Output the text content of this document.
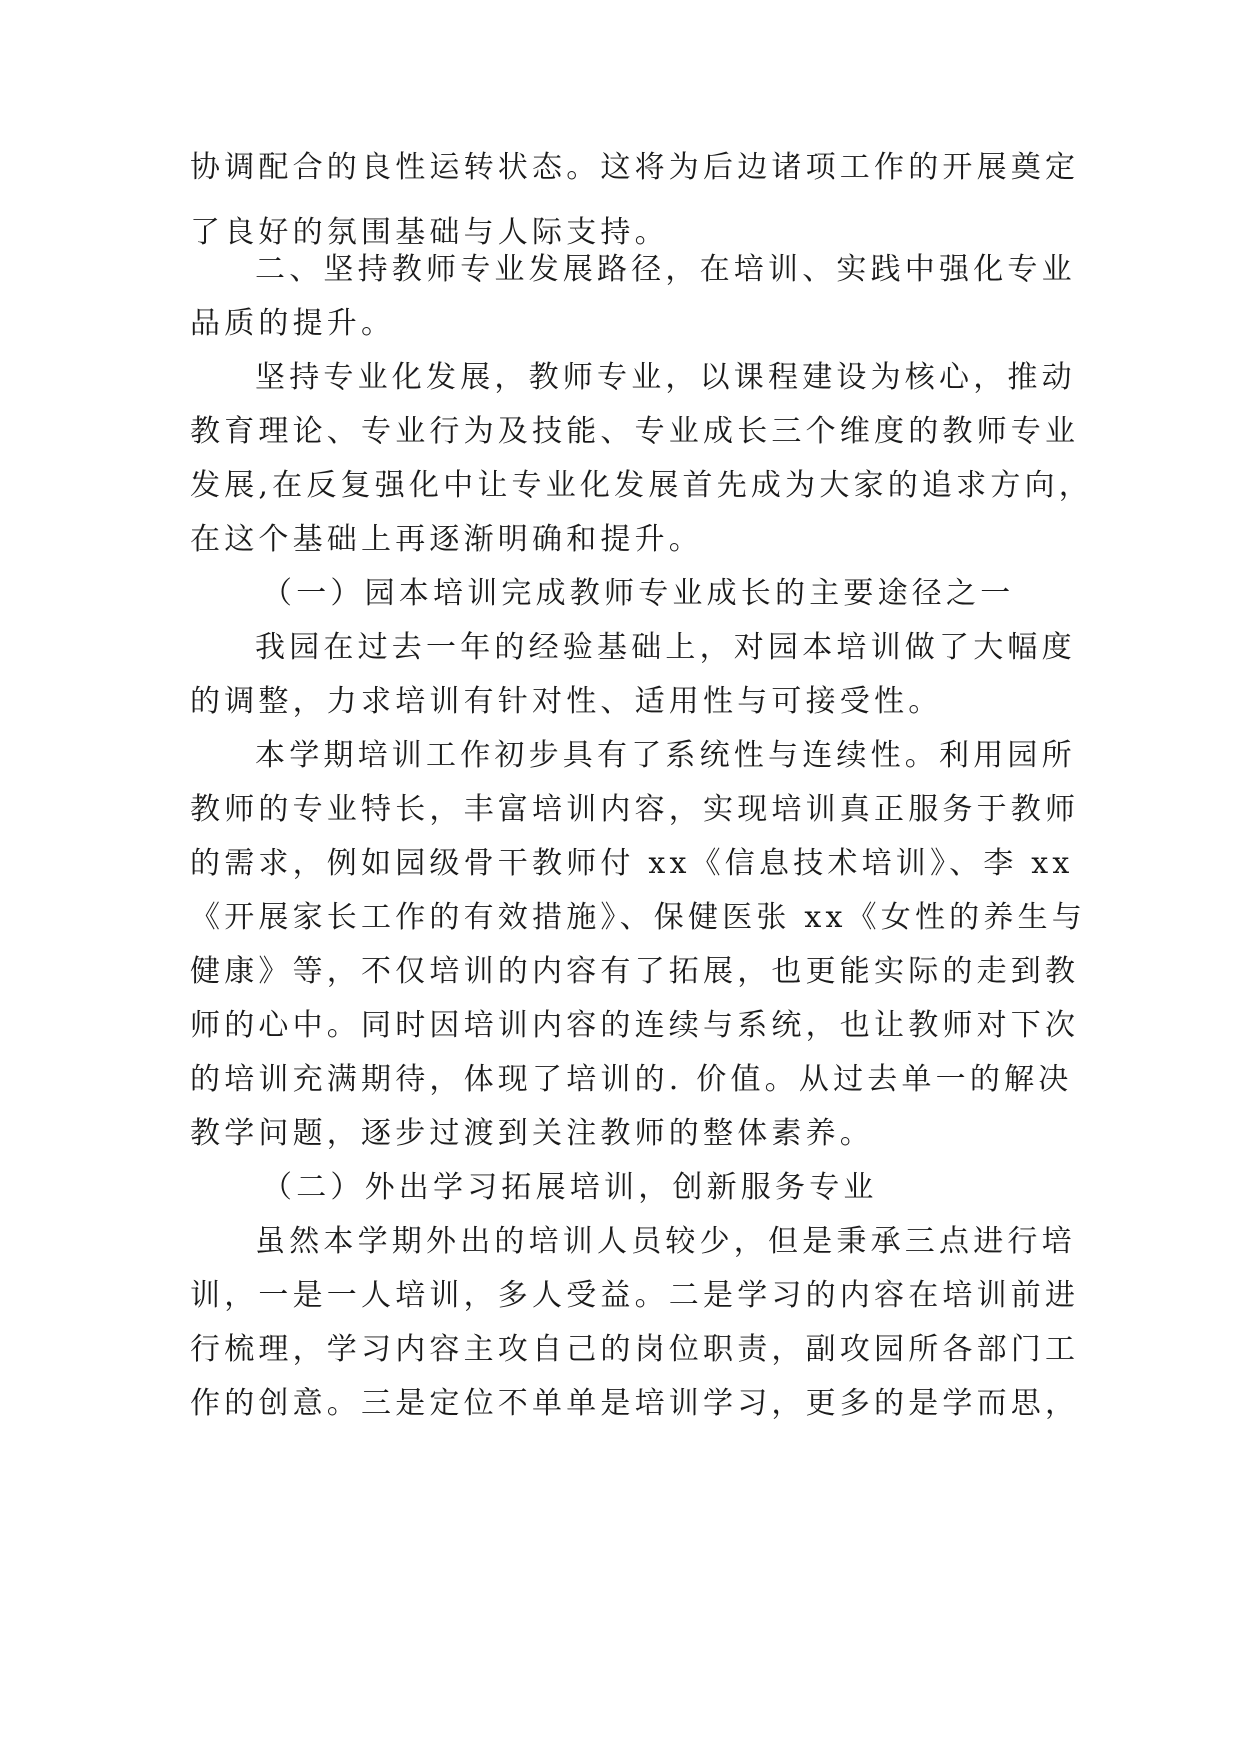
协调配合的良性运转状态。这将为后边诸项工作的开展奠定
了良好的氛围基础与人际支持。
二、坚持教师专业发展路径，在培训、实践中强化专业
品质的提升。
坚持专业化发展，教师专业，以课程建设为核心，推动
教育理论、专业行为及技能、专业成长三个维度的教师专业
发展,在反复强化中让专业化发展首先成为大家的追求方向，
在这个基础上再逐渐明确和提升。
（一）园本培训完成教师专业成长的主要途径之一
我园在过去一年的经验基础上，对园本培训做了大幅度
的调整，力求培训有针对性、适用性与可接受性。
本学期培训工作初步具有了系统性与连续性。利用园所
教师的专业特长，丰富培训内容，实现培训真正服务于教师
的需求，例如园级骨干教师付 xx《信息技术培训》、李 xx
《开展家长工作的有效措施》、保健医张 xx《女性的养生与
健康》等，不仅培训的内容有了拓展，也更能实际的走到教
师的心中。同时因培训内容的连续与系统，也让教师对下次
的培训充满期待，体现了培训的. 价值。从过去单一的解决
教学问题，逐步过渡到关注教师的整体素养。
（二）外出学习拓展培训，创新服务专业
虽然本学期外出的培训人员较少，但是秉承三点进行培
训，一是一人培训，多人受益。二是学习的内容在培训前进
行梳理，学习内容主攻自己的岗位职责，副攻园所各部门工
作的创意。三是定位不单单是培训学习，更多的是学而思，
